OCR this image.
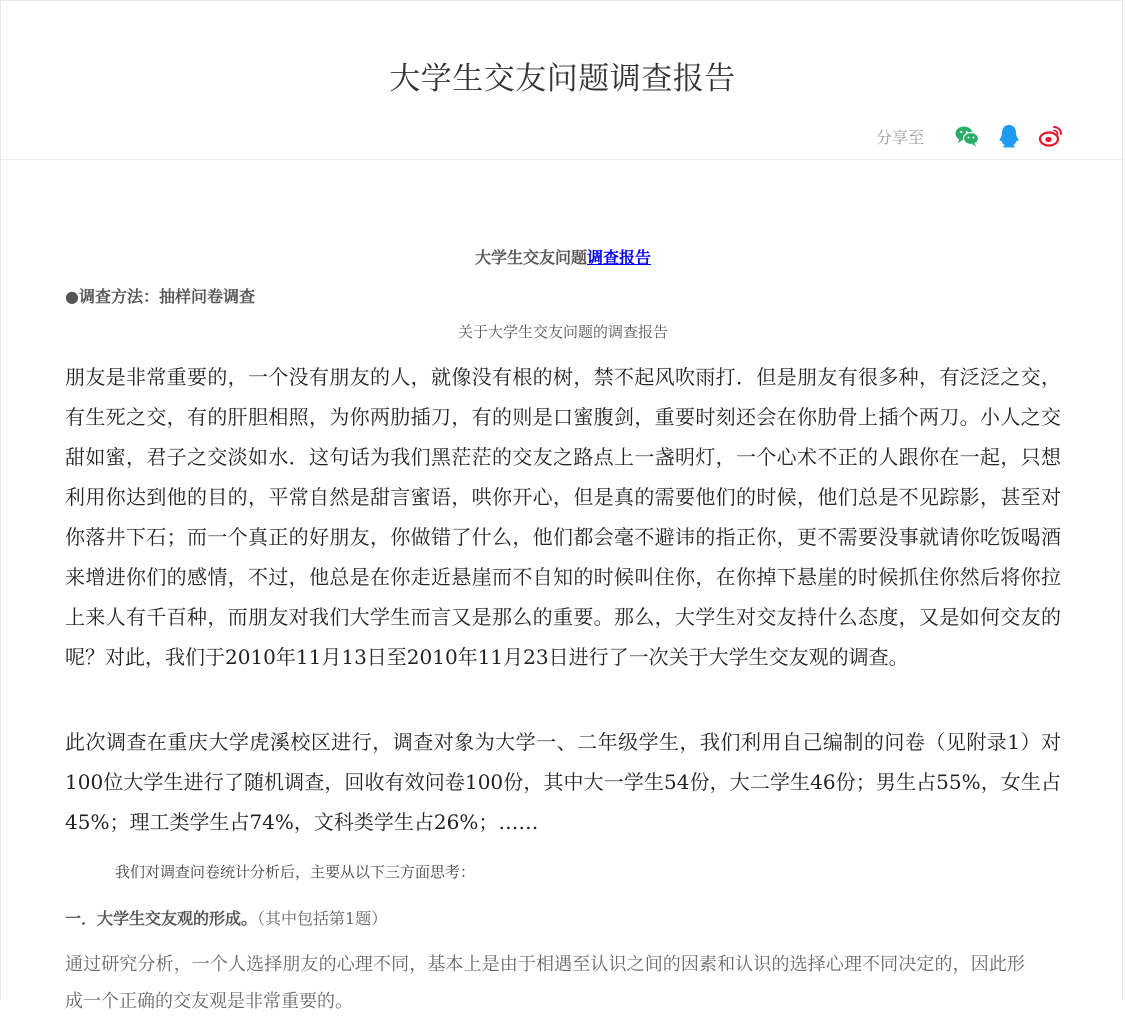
大学生交友问题调查报告
分享至
大学生交友问题调查报告
●调查方法：抽样问卷调查
关于大学生交友问题的调查报告

朋友是非常重要的，一个没有朋友的人，就像没有根的树，禁不起风吹雨打．但是朋友有很多种，有泛泛之交，有生死之交，有的肝胆相照，为你两肋插刀，有的则是口蜜腹剑，重要时刻还会在你肋骨上插个两刀。小人之交甜如蜜，君子之交淡如水．这句话为我们黑茫茫的交友之路点上一盏明灯，一个心术不正的人跟你在一起，只想利用你达到他的目的，平常自然是甜言蜜语，哄你开心，但是真的需要他们的时候，他们总是不见踪影，甚至对你落井下石；而一个真正的好朋友，你做错了什么，他们都会毫不避讳的指正你，更不需要没事就请你吃饭喝酒来增进你们的感情，不过，他总是在你走近悬崖而不自知的时候叫住你，在你掉下悬崖的时候抓住你然后将你拉上来人有千百种，而朋友对我们大学生而言又是那么的重要。那么，大学生对交友持什么态度，又是如何交友的呢？对此，我们于2010年11月13日至2010年11月23日进行了一次关于大学生交友观的调查。

此次调查在重庆大学虎溪校区进行，调查对象为大学一、二年级学生，我们利用自己编制的问卷（见附录1）对100位大学生进行了随机调查，回收有效问卷100份，其中大一学生54份，大二学生46份；男生占55%，女生占45%；理工类学生占74%，文科类学生占26%；……

我们对调查问卷统计分析后，主要从以下三方面思考：
一．大学生交友观的形成。（其中包括第1题）

通过研究分析，一个人选择朋友的心理不同，基本上是由于相遇至认识之间的因素和认识的选择心理不同决定的，因此形成一个正确的交友观是非常重要的。
